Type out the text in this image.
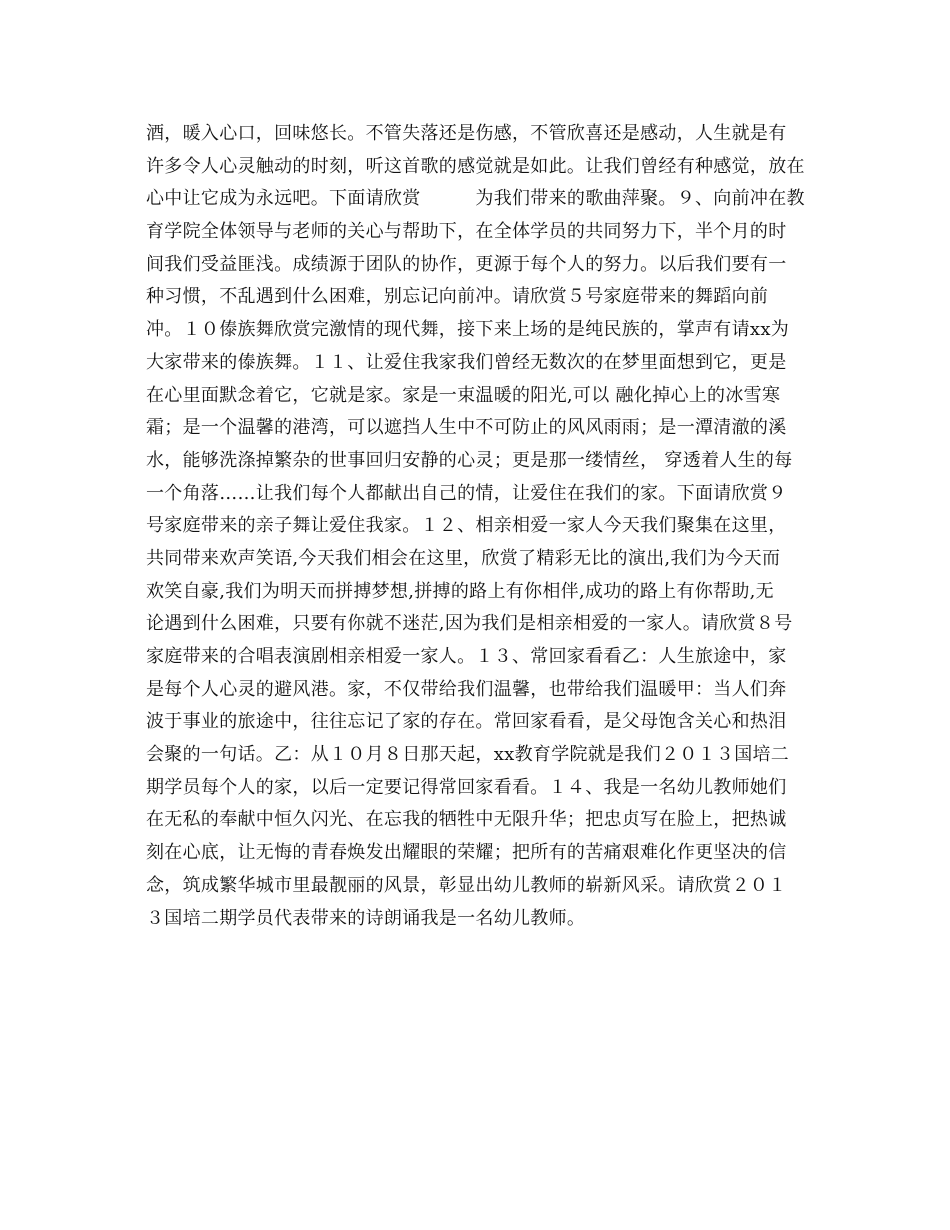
酒，暖入心口，回味悠长。不管失落还是伤感，不管欣喜还是感动，人生就是有
许多令人心灵触动的时刻，听这首歌的感觉就是如此。让我们曾经有种感觉，放在
心中让它成为永远吧。下面请欣赏　　　为我们带来的歌曲萍聚。９、向前冲在教
育学院全体领导与老师的关心与帮助下，在全体学员的共同努力下，半个月的时
间我们受益匪浅。成绩源于团队的协作，更源于每个人的努力。以后我们要有一
种习惯，不乱遇到什么困难，别忘记向前冲。请欣赏５号家庭带来的舞蹈向前
冲。１０傣族舞欣赏完激情的现代舞，接下来上场的是纯民族的，掌声有请xx为
大家带来的傣族舞。１１、让爱住我家我们曾经无数次的在梦里面想到它，更是
在心里面默念着它，它就是家。家是一束温暖的阳光,可以 融化掉心上的冰雪寒
霜；是一个温馨的港湾，可以遮挡人生中不可防止的风风雨雨；是一潭清澈的溪
水，能够洗涤掉繁杂的世事回归安静的心灵；更是那一缕情丝， 穿透着人生的每
一个角落……让我们每个人都献出自己的情，让爱住在我们的家。下面请欣赏９
号家庭带来的亲子舞让爱住我家。１２、相亲相爱一家人今天我们聚集在这里，
共同带来欢声笑语,今天我们相会在这里，欣赏了精彩无比的演出,我们为今天而
欢笑自豪,我们为明天而拼搏梦想,拼搏的路上有你相伴,成功的路上有你帮助,无
论遇到什么困难，只要有你就不迷茫,因为我们是相亲相爱的一家人。请欣赏８号
家庭带来的合唱表演剧相亲相爱一家人。１３、常回家看看乙：人生旅途中，家
是每个人心灵的避风港。家，不仅带给我们温馨，也带给我们温暖甲：当人们奔
波于事业的旅途中，往往忘记了家的存在。常回家看看，是父母饱含关心和热泪
会聚的一句话。乙：从１０月８日那天起，xx教育学院就是我们２０１３国培二
期学员每个人的家，以后一定要记得常回家看看。１４、我是一名幼儿教师她们
在无私的奉献中恒久闪光、在忘我的牺牲中无限升华；把忠贞写在脸上，把热诚
刻在心底，让无悔的青春焕发出耀眼的荣耀；把所有的苦痛艰难化作更坚决的信
念，筑成繁华城市里最靓丽的风景，彰显出幼儿教师的崭新风采。请欣赏２０１
３国培二期学员代表带来的诗朗诵我是一名幼儿教师。
